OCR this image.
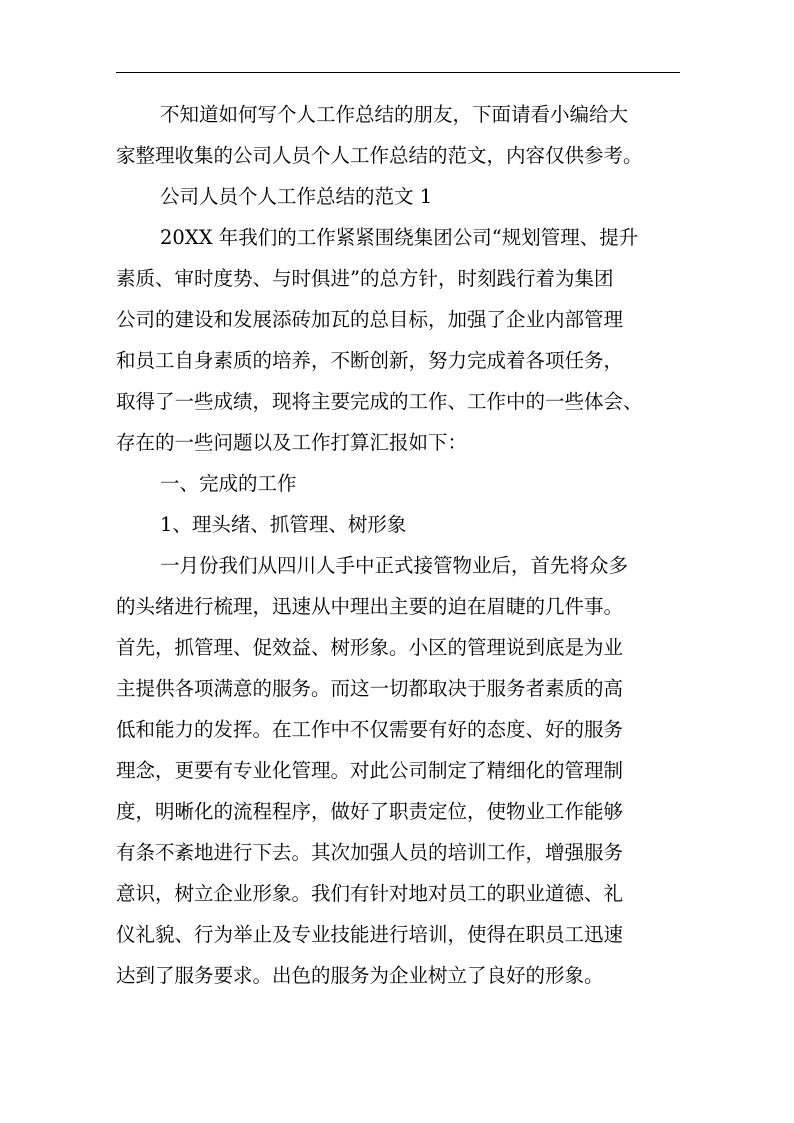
不知道如何写个人工作总结的朋友，下面请看小编给大
家整理收集的公司人员个人工作总结的范文，内容仅供参考。
公司人员个人工作总结的范文 1
20XX 年我们的工作紧紧围绕集团公司“规划管理、提升
素质、审时度势、与时俱进”的总方针，时刻践行着为集团
公司的建设和发展添砖加瓦的总目标，加强了企业内部管理
和员工自身素质的培养，不断创新，努力完成着各项任务，
取得了一些成绩，现将主要完成的工作、工作中的一些体会、
存在的一些问题以及工作打算汇报如下：
一、完成的工作
1、理头绪、抓管理、树形象
一月份我们从四川人手中正式接管物业后，首先将众多
的头绪进行梳理，迅速从中理出主要的迫在眉睫的几件事。
首先，抓管理、促效益、树形象。小区的管理说到底是为业
主提供各项满意的服务。而这一切都取决于服务者素质的高
低和能力的发挥。在工作中不仅需要有好的态度、好的服务
理念，更要有专业化管理。对此公司制定了精细化的管理制
度，明晰化的流程程序，做好了职责定位，使物业工作能够
有条不紊地进行下去。其次加强人员的培训工作，增强服务
意识，树立企业形象。我们有针对地对员工的职业道德、礼
仪礼貌、行为举止及专业技能进行培训，使得在职员工迅速
达到了服务要求。出色的服务为企业树立了良好的形象。
